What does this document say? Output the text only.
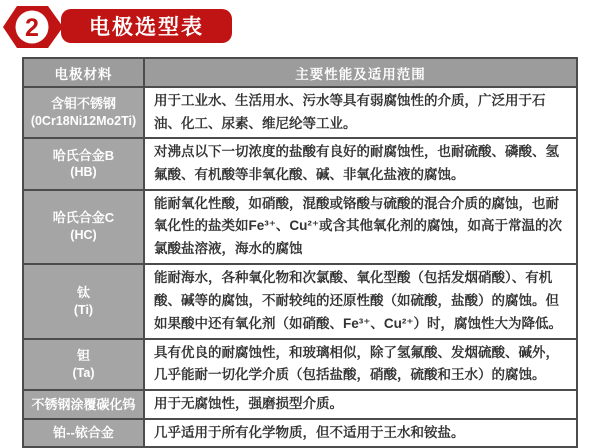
2 电极选型表
电极材料	主要性能及适用范围

含钼不锈钢
(0Cr18Ni12Mo2Ti)	用于工业水、生活用水、污水等具有弱腐蚀性的介质，广泛用于石油、化工、尿素、维尼纶等工业。

哈氏合金B
(HB)	对沸点以下一切浓度的盐酸有良好的耐腐蚀性，也耐硫酸、磷酸、氢氟酸、有机酸等非氧化酸、碱、非氧化盐液的腐蚀。

哈氏合金C
(HC)	能耐氧化性酸，如硝酸，混酸或铬酸与硫酸的混合介质的腐蚀，也耐氧化性的盐类如Fe³⁺、Cu²⁺或含其他氧化剂的腐蚀，如高于常温的次氯酸盐溶液，海水的腐蚀

钛
(Ti)	能耐海水，各种氧化物和次氯酸、氧化型酸（包括发烟硝酸）、有机酸、碱等的腐蚀，不耐较纯的还原性酸（如硫酸，盐酸）的腐蚀。但如果酸中还有氧化剂（如硝酸、Fe³⁺、Cu²⁺）时，腐蚀性大为降低。

钽
(Ta)	具有优良的耐腐蚀性，和玻璃相似，除了氢氟酸、发烟硫酸、碱外，几乎能耐一切化学介质（包括盐酸，硝酸，硫酸和王水）的腐蚀。

不锈钢涂覆碳化钨	用于无腐蚀性，强磨损型介质。

铂--铱合金	几乎适用于所有化学物质，但不适用于王水和铵盐。
